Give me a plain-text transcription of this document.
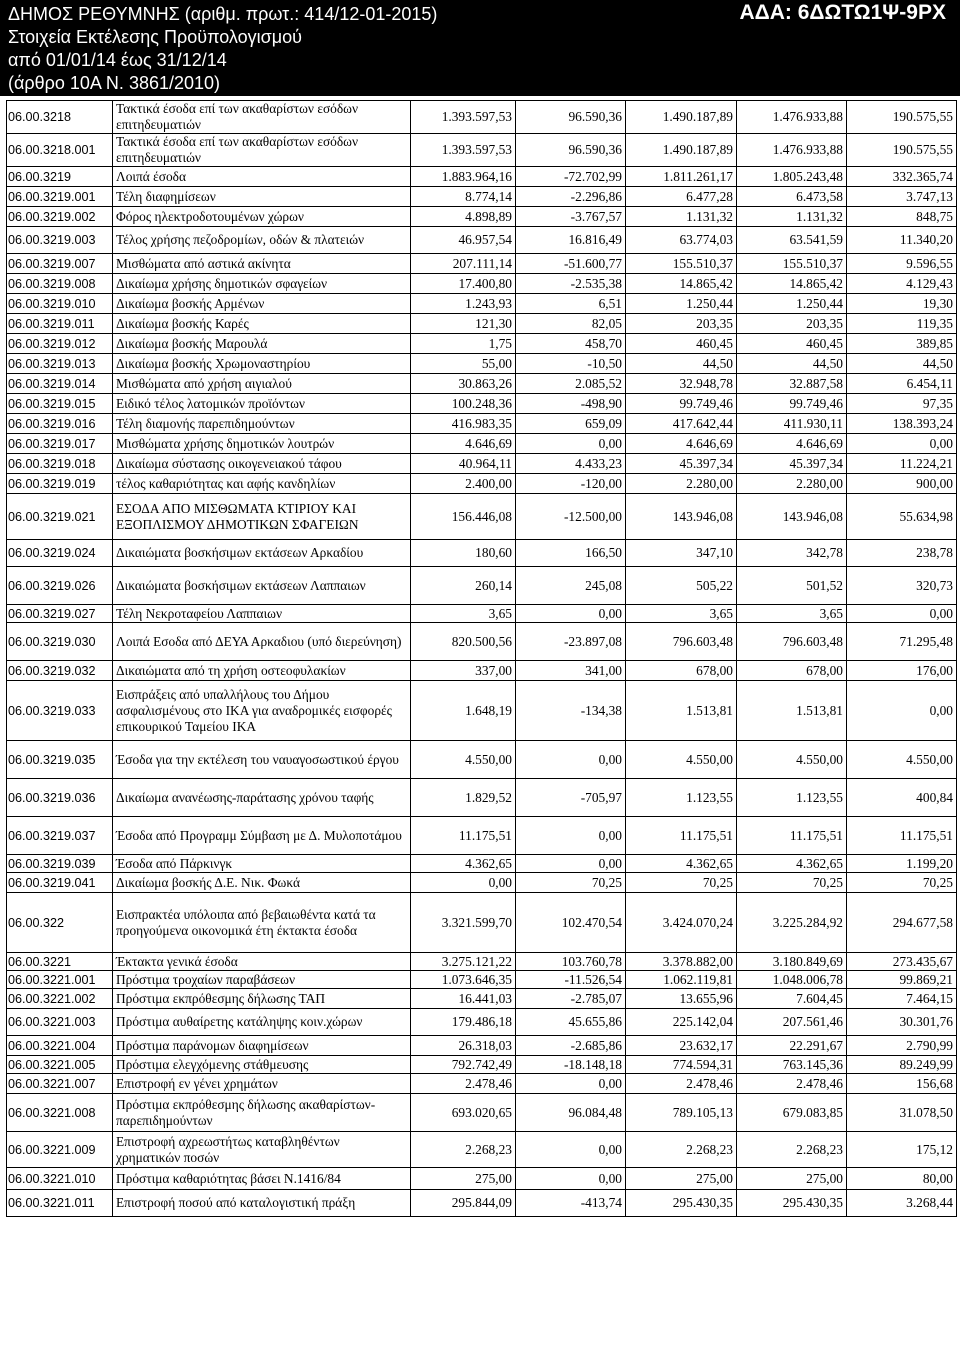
ΔΗΜΟΣ ΡΕΘΥΜΝΗΣ (αριθμ. πρωτ.: 414/12-01-2015)
Στοιχεία Εκτέλεσης Προϋπολογισμού
από 01/01/14 έως 31/12/14
(άρθρο 10Α Ν. 3861/2010)
ΑΔΑ: 6ΔΩΤΩ1Ψ-9ΡΧ
06.00.3218	Τακτικά έσοδα επί των ακαθαρίστων εσόδων επιτηδευματιών	1.393.597,53	96.590,36	1.490.187,89	1.476.933,88	190.575,55
06.00.3218.001	Τακτικά έσοδα επί των ακαθαρίστων εσόδων επιτηδευματιών	1.393.597,53	96.590,36	1.490.187,89	1.476.933,88	190.575,55
06.00.3219	Λοιπά έσοδα	1.883.964,16	-72.702,99	1.811.261,17	1.805.243,48	332.365,74
06.00.3219.001	Τέλη διαφημίσεων	8.774,14	-2.296,86	6.477,28	6.473,58	3.747,13
06.00.3219.002	Φόρος ηλεκτροδοτουμένων χώρων	4.898,89	-3.767,57	1.131,32	1.131,32	848,75
06.00.3219.003	Τέλος χρήσης πεζοδρομίων, οδών & πλατειών	46.957,54	16.816,49	63.774,03	63.541,59	11.340,20
06.00.3219.007	Μισθώματα από αστικά ακίνητα	207.111,14	-51.600,77	155.510,37	155.510,37	9.596,55
06.00.3219.008	Δικαίωμα χρήσης δημοτικών σφαγείων	17.400,80	-2.535,38	14.865,42	14.865,42	4.129,43
06.00.3219.010	Δικαίωμα βοσκής Αρμένων	1.243,93	6,51	1.250,44	1.250,44	19,30
06.00.3219.011	Δικαίωμα βοσκής Καρές	121,30	82,05	203,35	203,35	119,35
06.00.3219.012	Δικαίωμα βοσκής Μαρουλά	1,75	458,70	460,45	460,45	389,85
06.00.3219.013	Δικαίωμα βοσκής Χρωμοναστηρίου	55,00	-10,50	44,50	44,50	44,50
06.00.3219.014	Μισθώματα από χρήση αιγιαλού	30.863,26	2.085,52	32.948,78	32.887,58	6.454,11
06.00.3219.015	Ειδικό τέλος λατομικών προϊόντων	100.248,36	-498,90	99.749,46	99.749,46	97,35
06.00.3219.016	Τέλη διαμονής παρεπιδημούντων	416.983,35	659,09	417.642,44	411.930,11	138.393,24
06.00.3219.017	Μισθώματα χρήσης δημοτικών λουτρών	4.646,69	0,00	4.646,69	4.646,69	0,00
06.00.3219.018	Δικαίωμα σύστασης οικογενειακού τάφου	40.964,11	4.433,23	45.397,34	45.397,34	11.224,21
06.00.3219.019	τέλος καθαριότητας και αφής κανδηλίων	2.400,00	-120,00	2.280,00	2.280,00	900,00
06.00.3219.021	ΕΣΟΔΑ ΑΠΟ ΜΙΣΘΩΜΑΤΑ ΚΤΙΡΙΟΥ ΚΑΙ ΕΞΟΠΛΙΣΜΟΥ ΔΗΜΟΤΙΚΩΝ ΣΦΑΓΕΙΩΝ	156.446,08	-12.500,00	143.946,08	143.946,08	55.634,98
06.00.3219.024	Δικαιώματα βοσκήσιμων εκτάσεων Αρκαδίου	180,60	166,50	347,10	342,78	238,78
06.00.3219.026	Δικαιώματα βοσκήσιμων εκτάσεων Λαππαιων	260,14	245,08	505,22	501,52	320,73
06.00.3219.027	Τέλη Νεκροταφείου Λαππαιων	3,65	0,00	3,65	3,65	0,00
06.00.3219.030	Λοιπά Εσοδα από ΔΕΥΑ Αρκαδιου (υπό διερεύνηση)	820.500,56	-23.897,08	796.603,48	796.603,48	71.295,48
06.00.3219.032	Δικαιώματα από τη χρήση οστεοφυλακίων	337,00	341,00	678,00	678,00	176,00
06.00.3219.033	Εισπράξεις από υπαλλήλους του Δήμου ασφαλισμένους στο ΙΚΑ για αναδρομικές εισφορές επικουρικού Ταμείου ΙΚΑ	1.648,19	-134,38	1.513,81	1.513,81	0,00
06.00.3219.035	Έσοδα για την εκτέλεση του ναυαγοσωστικού έργου	4.550,00	0,00	4.550,00	4.550,00	4.550,00
06.00.3219.036	Δικαίωμα ανανέωσης-παράτασης χρόνου ταφής	1.829,52	-705,97	1.123,55	1.123,55	400,84
06.00.3219.037	Έσοδα από Προγραμμ Σύμβαση με Δ. Μυλοποτάμου	11.175,51	0,00	11.175,51	11.175,51	11.175,51
06.00.3219.039	Έσοδα από Πάρκινγκ	4.362,65	0,00	4.362,65	4.362,65	1.199,20
06.00.3219.041	Δικαίωμα βοσκής Δ.Ε. Νικ. Φωκά	0,00	70,25	70,25	70,25	70,25
06.00.322	Εισπρακτέα υπόλοιπα από βεβαιωθέντα κατά τα προηγούμενα οικονομικά έτη έκτακτα έσοδα	3.321.599,70	102.470,54	3.424.070,24	3.225.284,92	294.677,58
06.00.3221	Έκτακτα γενικά έσοδα	3.275.121,22	103.760,78	3.378.882,00	3.180.849,69	273.435,67
06.00.3221.001	Πρόστιμα τροχαίων παραβάσεων	1.073.646,35	-11.526,54	1.062.119,81	1.048.006,78	99.869,21
06.00.3221.002	Πρόστιμα εκπρόθεσμης δήλωσης ΤΑΠ	16.441,03	-2.785,07	13.655,96	7.604,45	7.464,15
06.00.3221.003	Πρόστιμα αυθαίρετης κατάληψης κοιν.χώρων	179.486,18	45.655,86	225.142,04	207.561,46	30.301,76
06.00.3221.004	Πρόστιμα παράνομων διαφημίσεων	26.318,03	-2.685,86	23.632,17	22.291,67	2.790,99
06.00.3221.005	Πρόστιμα ελεγχόμενης στάθμευσης	792.742,49	-18.148,18	774.594,31	763.145,36	89.249,99
06.00.3221.007	Επιστροφή εν γένει χρημάτων	2.478,46	0,00	2.478,46	2.478,46	156,68
06.00.3221.008	Πρόστιμα εκπρόθεσμης δήλωσης ακαθαρίστων-παρεπιδημούντων	693.020,65	96.084,48	789.105,13	679.083,85	31.078,50
06.00.3221.009	Επιστροφή αχρεωστήτως καταβληθέντων χρηματικών ποσών	2.268,23	0,00	2.268,23	2.268,23	175,12
06.00.3221.010	Πρόστιμα καθαριότητας βάσει Ν.1416/84	275,00	0,00	275,00	275,00	80,00
06.00.3221.011	Επιστροφή ποσού από καταλογιστική πράξη	295.844,09	-413,74	295.430,35	295.430,35	3.268,44
